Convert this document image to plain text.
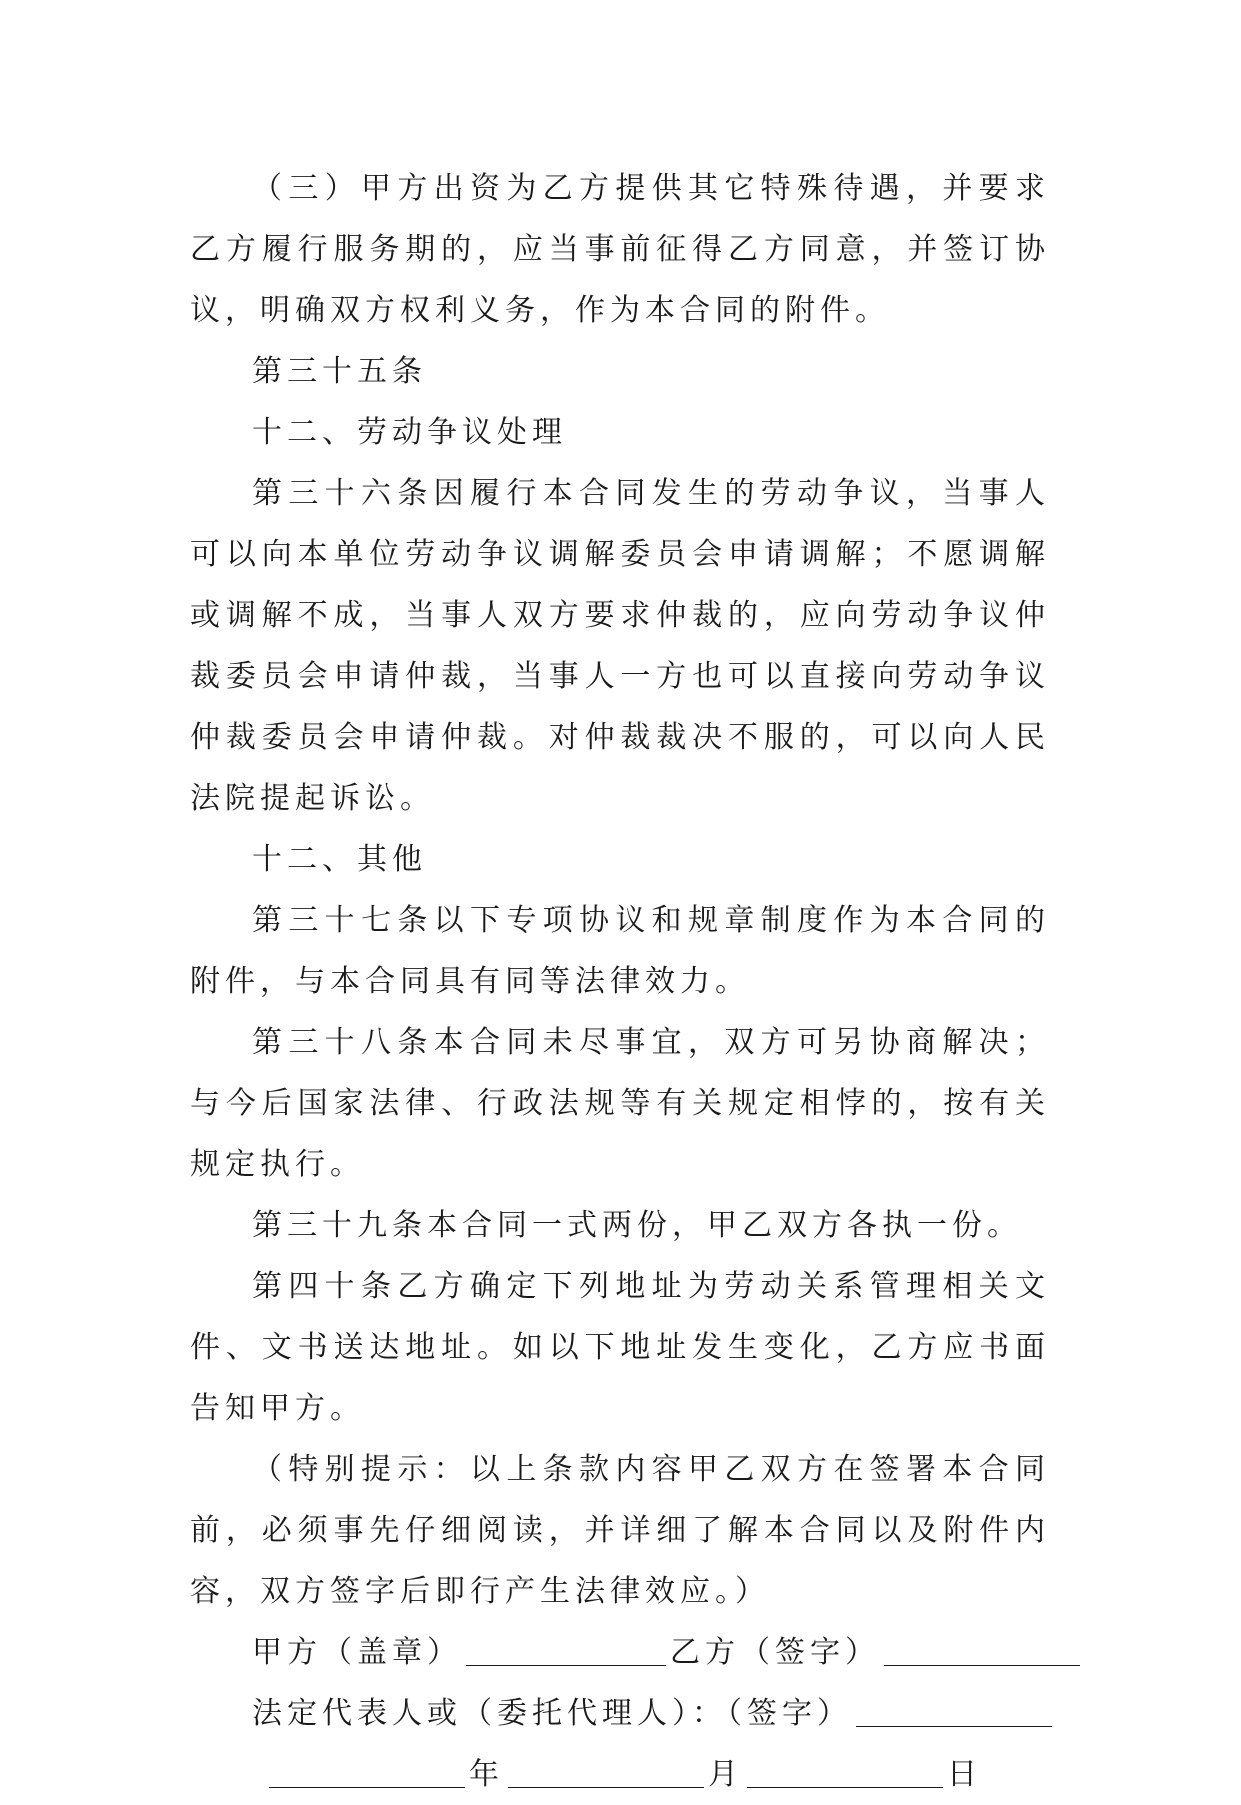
（三）甲方出资为乙方提供其它特殊待遇，并要求乙方履行服务期的，应当事前征得乙方同意，并签订协议，明确双方权利义务，作为本合同的附件。

第三十五条

十二、劳动争议处理

第三十六条因履行本合同发生的劳动争议，当事人可以向本单位劳动争议调解委员会申请调解；不愿调解或调解不成，当事人双方要求仲裁的，应向劳动争议仲裁委员会申请仲裁，当事人一方也可以直接向劳动争议仲裁委员会申请仲裁。对仲裁裁决不服的，可以向人民法院提起诉讼。

十二、其他

第三十七条以下专项协议和规章制度作为本合同的附件，与本合同具有同等法律效力。

第三十八条本合同未尽事宜，双方可另协商解决；与今后国家法律、行政法规等有关规定相悖的，按有关规定执行。

第三十九条本合同一式两份，甲乙双方各执一份。

第四十条乙方确定下列地址为劳动关系管理相关文件、文书送达地址。如以下地址发生变化，乙方应书面告知甲方。

（特别提示：以上条款内容甲乙双方在签署本合同前，必须事先仔细阅读，并详细了解本合同以及附件内容，双方签字后即行产生法律效应。）

甲方（盖章）	乙方（签字）

法定代表人或（委托代理人）：（签字）

年	月	日
